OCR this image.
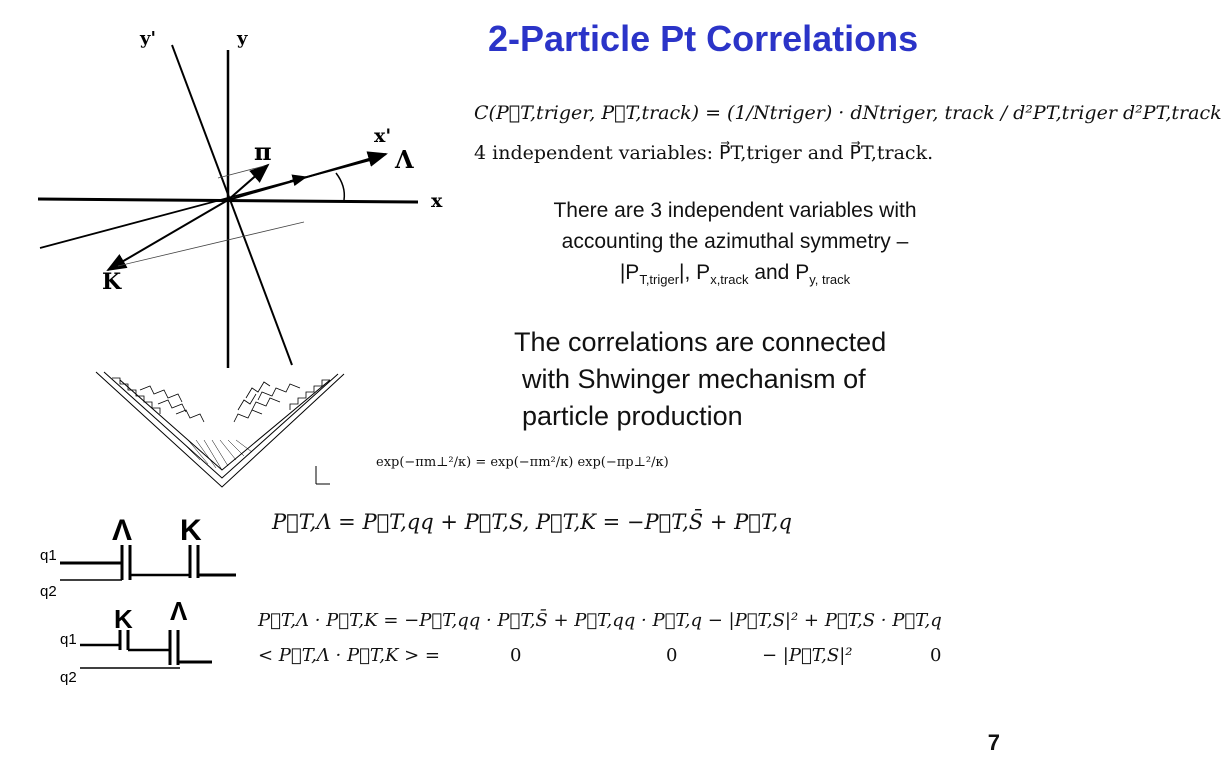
2-Particle Pt Correlations
y'	y
x'
x
π	Λ
K
Λ K
q1
q2
K Λ
q1
q2
C(P⃗T,triger, P⃗T,track) = (1/Ntriger) · dNtriger, track / d²PT,triger d²PT,track
4 independent variables: P⃗T,triger and P⃗T,track.
There are 3 independent variables with
accounting the azimuthal symmetry –
$|P_{T,triger}|$, $P_{x,track}$ and $P_{y, track}$
The correlations are connected
with Shwinger mechanism of
particle production
exp(−πm⊥²/κ) = exp(−πm²/κ) exp(−πp⊥²/κ)
P⃗T,Λ = P⃗T,qq + P⃗T,S, P⃗T,K = −P⃗T,S̄ + P⃗T,q
P⃗T,Λ · P⃗T,K = −P⃗T,qq · P⃗T,S̄ + P⃗T,qq · P⃗T,q − |P⃗T,S|² + P⃗T,S · P⃗T,q
< P⃗T,Λ · P⃗T,K > =	0	0	− |P⃗T,S|²	0
7
